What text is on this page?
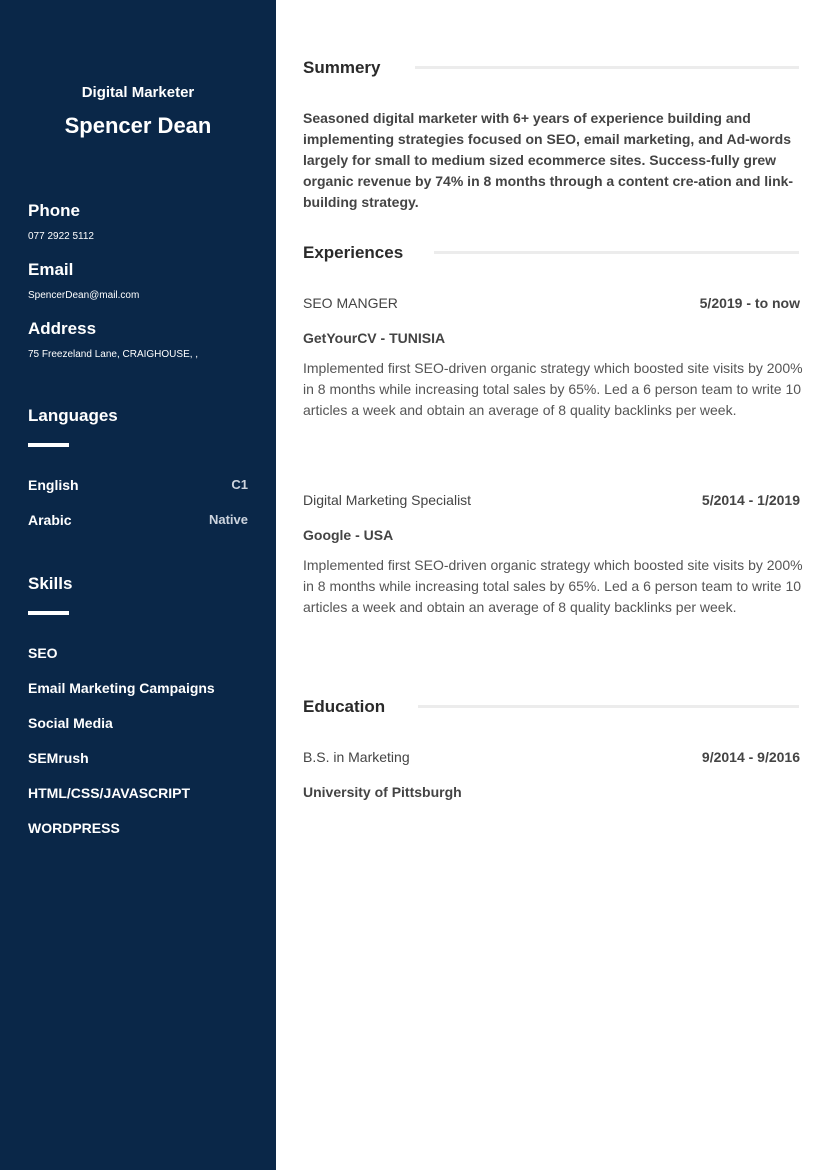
Digital Marketer
Spencer Dean
Phone
077 2922 5112
Email
SpencerDean@mail.com
Address
75 Freezeland Lane, CRAIGHOUSE, ,
Languages
English	C1
Arabic	Native
Skills
SEO
Email Marketing Campaigns
Social Media
SEMrush
HTML/CSS/JAVASCRIPT
WORDPRESS
Summery
Seasoned digital marketer with 6+ years of experience building and implementing strategies focused on SEO, email marketing, and Ad-words largely for small to medium sized ecommerce sites. Success-fully grew organic revenue by 74% in 8 months through a content cre-ation and link-building strategy.
Experiences
SEO MANGER	5/2019 - to now
GetYourCV - TUNISIA
Implemented first SEO-driven organic strategy which boosted site visits by 200% in 8 months while increasing total sales by 65%. Led a 6 person team to write 10 articles a week and obtain an average of 8 quality backlinks per week.
Digital Marketing Specialist	5/2014 - 1/2019
Google - USA
Implemented first SEO-driven organic strategy which boosted site visits by 200% in 8 months while increasing total sales by 65%. Led a 6 person team to write 10 articles a week and obtain an average of 8 quality backlinks per week.
Education
B.S. in Marketing	9/2014 - 9/2016
University of Pittsburgh
